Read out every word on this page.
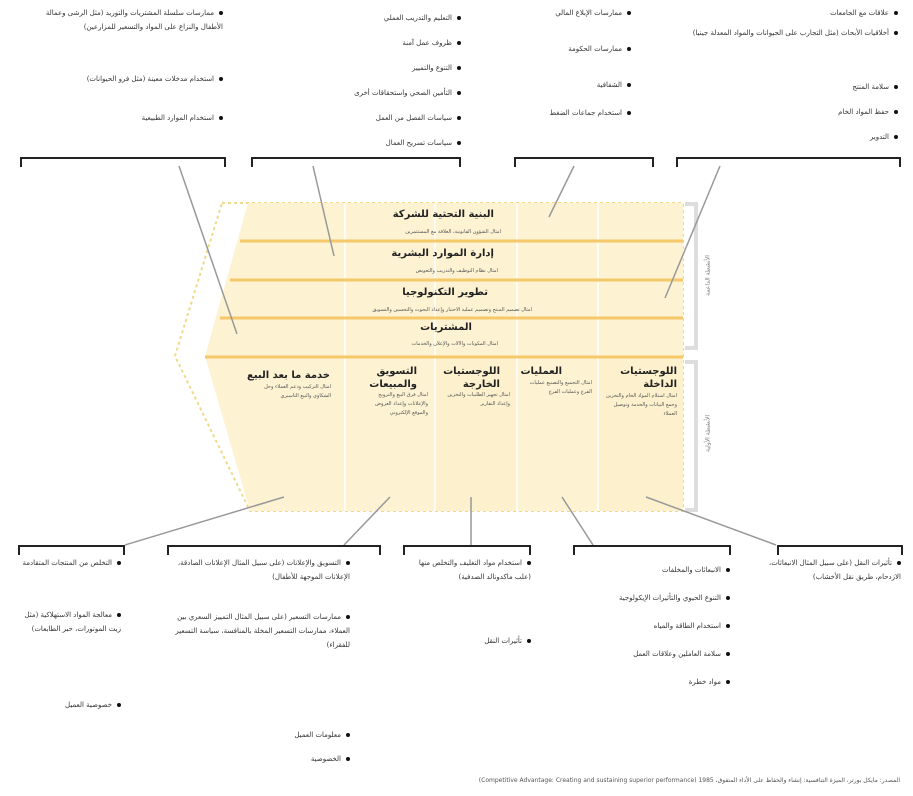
البنية التحتية للشركة
امثال الشؤون القانونية، العلاقة مع المستثمرين
إدارة الموارد البشرية
امثال نظام التوظيف والتدريب والتعويض
تطوير التكنولوجيا
امثال تصميم المنتج وتصميم عملية الاختبار وإعداد البحوث والتحسين والتسويق
المشتريات
امثال المكونات والآلات والإعلان والخدمات
اللوجستيات الداخلة
امثال استلام المواد الخام والتخزين وجمع البيانات والخدمة وتوصيل العملاء
العمليات
امثال التجميع والتصنيع عمليات الفرع وعمليات الفرع
اللوجستيات الخارجة
امثال تجهيز الطلبيات والتخزين وإعداد التقارير
التسويق والمبيعات
امثال فرق البيع والترويج والإعلانات وإعداد العروض والموقع الإلكتروني
خدمة ما بعد البيع
امثال التركيب ودعم العملاء وحل الشكاوى والبيع التاسيري
الأنشطة الداعمة
الأنشطة الأولية
ممارسات سلسلة المشتريات والتوريد (مثل الرشى وعمالة الأطفال والنزاع على المواد والتسعير للمزارعين)
استخدام مدخلات معينة (مثل فرو الحيوانات)
استخدام الموارد الطبيعية
التعليم والتدريب العملي
ظروف عمل آمنة
التنوع والتمييز
التأمين الصحي واستحقاقات أخرى
سياسات الفصل من العمل
سياسات تسريح العمال
ممارسات الإبلاغ المالي
ممارسات الحكومة
الشفافية
استخدام جماعات الضغط
علاقات مع الجامعات
أخلاقيات الأبحاث (مثل التجارب على الحيوانات والمواد المعدلة جينيا)
سلامة المنتج
حفظ المواد الخام
التدوير
التخلص من المنتجات المتقادمة
معالجة المواد الاستهلاكية (مثل زيت الموتورات، حبر الطابعات)
خصوصية العميل
التسويق والإعلانات (على سبيل المثال الإعلانات الصادقة، الإعلانات الموجهة للأطفال)
ممارسات التسعير (على سبيل المثال التمييز السعري بين العملاء، ممارسات التسعير المخلة بالمنافسة، سياسة التسعير للفقراء)
معلومات العميل
الخصوصية
استخدام مواد التغليف والتخلص منها (علب ماكدونالد الصدفية)
تأثيرات النقل
الانبعاثات والمخلفات
التنوع الحيوي والتأثيرات الإيكولوجية
استخدام الطاقة والمياه
سلامة العاملين وعلاقات العمل
مواد خطرة
تأثيرات النقل (على سبيل المثال الانبعاثات، الازدحام، طريق نقل الأخشاب)
المصدر: مايكل بورتر، الميزة التنافسية: إنشاء والحفاظ على الأداء المتفوق، 1985 (Competitive Advantage: Creating and sustaining superior performance)
